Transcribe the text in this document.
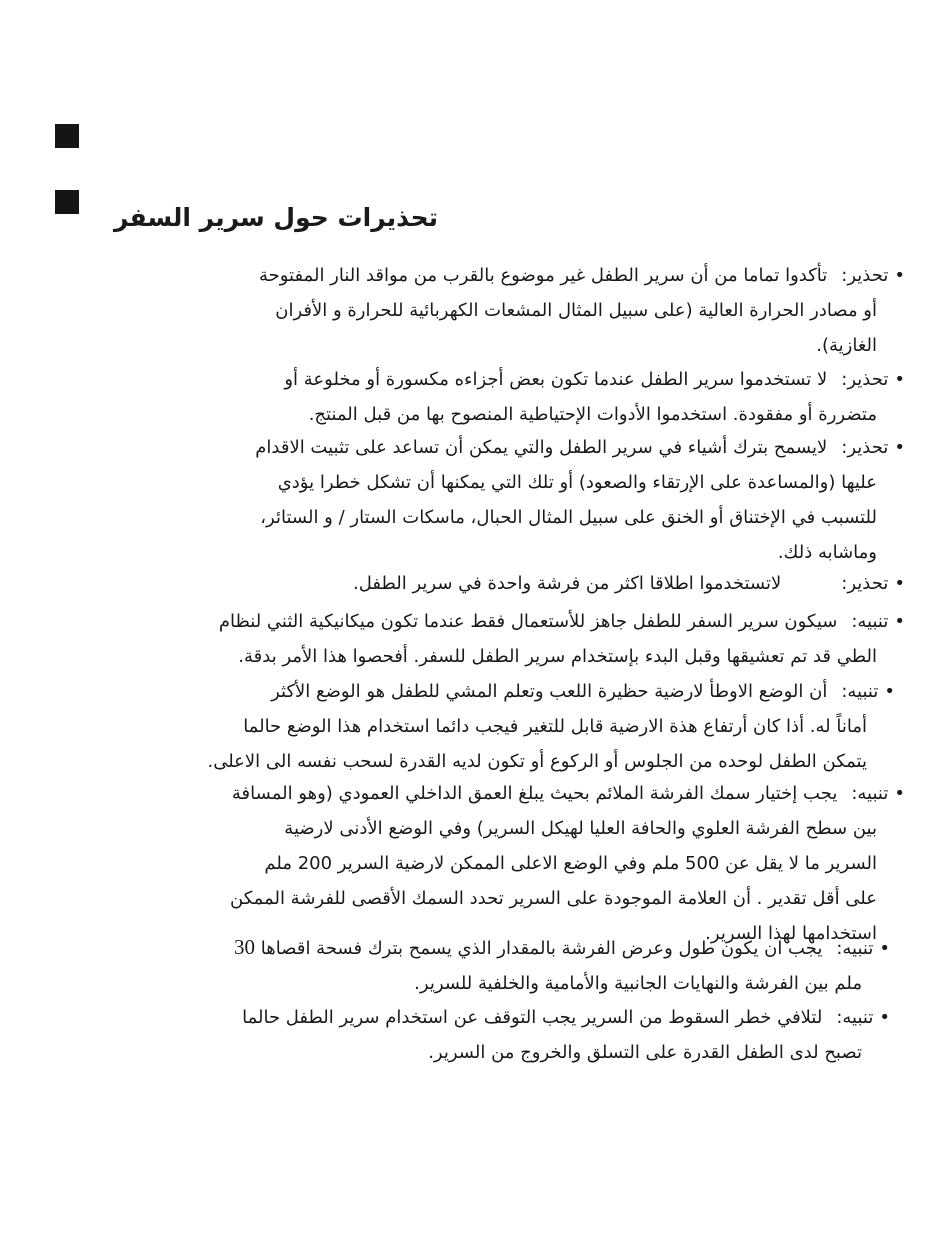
تحذيرات حول سرير السفر
•تحذير:تأكدوا تماما من أن سرير الطفل غير موضوع بالقرب من مواقد النار المفتوحة
أو مصادر الحرارة العالية (على سبيل المثال المشعات الكهربائية للحرارة و الأفران
الغازية).
•تحذير:لا تستخدموا سرير الطفل عندما تكون بعض أجزاءه مكسورة أو مخلوعة أو
متضررة أو مفقودة. استخدموا الأدوات الإحتياطية المنصوح بها من قبل المنتج.
•تحذير:لايسمح بترك أشياء في سرير الطفل والتي يمكن أن تساعد على تثبيت الاقدام
عليها (والمساعدة على الإرتقاء والصعود) أو تلك التي يمكنها أن تشكل خطرا يؤدي
للتسبب في الإختناق أو الخنق على سبيل المثال الحبال، ماسكات الستار / و الستائر،
وماشابه ذلك.
•تحذير:لاتستخدموا اطلاقا اكثر من فرشة واحدة في سرير الطفل.
•تنبيه:سيكون سرير السفر للطفل جاهز للأستعمال فقط عندما تكون ميكانيكية الثني لنظام
الطي قد تم تعشيقها وقبل البدء بإستخدام سرير الطفل للسفر. أفحصوا هذا الأمر بدقة.
•تنبيه:أن الوضع الاوطأ لارضية حظيرة اللعب وتعلم المشي للطفل هو الوضع الأكثر
أماناً له. أذا كان أرتفاع هذة الارضية قابل للتغير فيجب دائما استخدام هذا الوضع حالما
يتمكن الطفل لوحده من الجلوس أو الركوع أو تكون لديه القدرة لسحب نفسه الى الاعلى.
•تنبيه:يجب إختيار سمك الفرشة الملائم بحيث يبلغ العمق الداخلي العمودي (وهو المسافة
بين سطح الفرشة العلوي والحافة العليا لهيكل السرير) وفي الوضع الأدنى لارضية
السرير ما لا يقل عن 500 ملم وفي الوضع الاعلى الممكن لارضية السرير 200 ملم
على أقل تقدير . أن العلامة الموجودة على السرير تحدد السمك الأقصى للفرشة الممكن
استخدامها لهذا السرير.
•تنبيه:يجب ان يكون طول وعرض الفرشة بالمقدار الذي يسمح بترك فسحة اقصاها 30
ملم بين الفرشة والنهايات الجانبية والأمامية والخلفية للسرير.
•تنبيه:لتلافي خطر السقوط من السرير يجب التوقف عن استخدام سرير الطفل حالما
تصبح لدى الطفل القدرة على التسلق والخروج من السرير.
